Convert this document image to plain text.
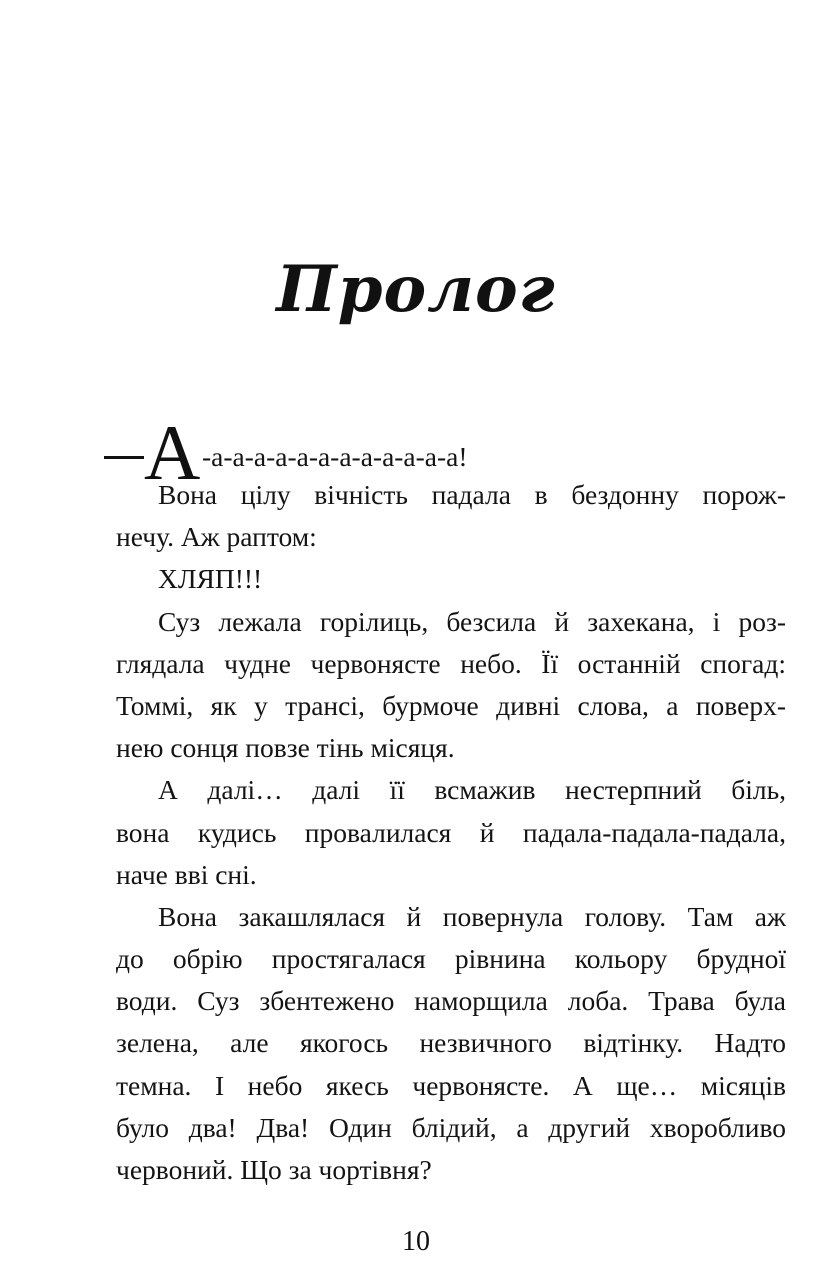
Пролог
А -а-а-а-а-а-а-а-а-а-а-а-а!
Вона цілу вічність падала в бездонну порож-
нечу. Аж раптом:
ХЛЯП!!!
Суз лежала горілиць, безсила й захекана, і роз-
глядала чудне червоняcте небо. Її останній спогад:
Томмі, як у трансі, бурмоче дивні слова, а поверх-
нею сонця повзе тінь місяця.
А далі… далі її всмажив нестерпний біль,
вона кудись провалилася й падала-падала-падала,
наче вві сні.
Вона закашлялася й повернула голову. Там аж
до обрію простягалася рівнина кольору брудної
води. Суз збентежено наморщила лоба. Трава була
зелена, але якогось незвичного відтінку. Надто
темна. І небо якесь червоняcте. А ще… місяців
було два! Два! Один блідий, а другий хворобливо
червоний. Що за чортівня?
10
